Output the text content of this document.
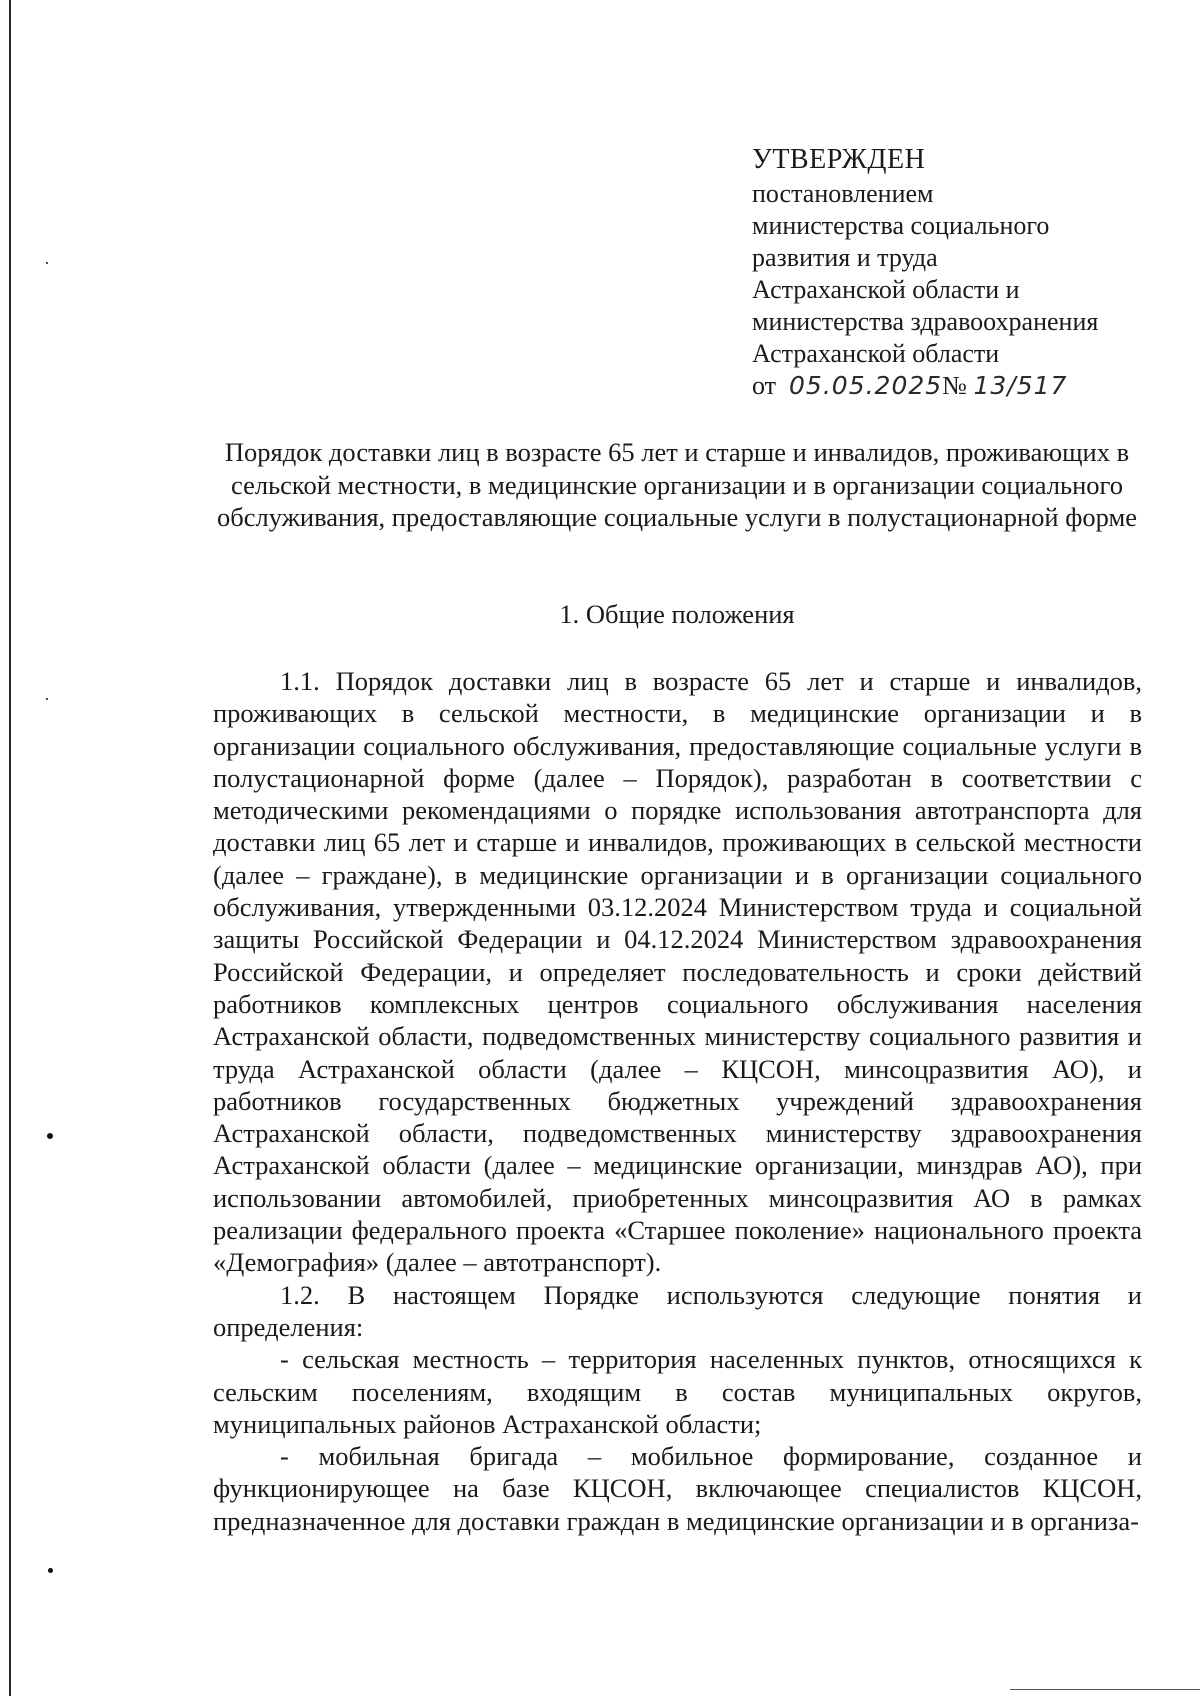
УТВЕРЖДЕН
постановлением
министерства социального
развития и труда
Астраханской области и
министерства здравоохранения
Астраханской области
от 05.05.2025№ 13/517
Порядок доставки лиц в возрасте 65 лет и старше и инвалидов, проживающих в сельской местности, в медицинские организации и в организации социального обслуживания, предоставляющие социальные услуги в полустационарной форме
1. Общие положения

1.1. Порядок доставки лиц в возрасте 65 лет и старше и инвалидов, проживающих в сельской местности, в медицинские организации и в организации социального обслуживания, предоставляющие социальные услуги в полустационарной форме (далее – Порядок), разработан в соответствии с методическими рекомендациями о порядке использования автотранспорта для доставки лиц 65 лет и старше и инвалидов, проживающих в сельской местности (далее – граждане), в медицинские организации и в организации социального обслуживания, утвержденными 03.12.2024 Министерством труда и социальной защиты Российской Федерации и 04.12.2024 Министерством здравоохранения Российской Федерации, и определяет последовательность и сроки действий работников комплексных центров социального обслуживания населения Астраханской области, подведомственных министерству социального развития и труда Астраханской области (далее – КЦСОН, минсоцразвития АО), и работников государственных бюджетных учреждений здравоохранения Астраханской области, подведомственных министерству здравоохранения Астраханской области (далее – медицинские организации, минздрав АО), при использовании автомобилей, приобретенных минсоцразвития АО в рамках реализации федерального проекта «Старшее поколение» национального проекта «Демография» (далее – автотранспорт).

1.2. В настоящем Порядке используются следующие понятия и определения:

- сельская местность – территория населенных пунктов, относящихся к сельским поселениям, входящим в состав муниципальных округов, муниципальных районов Астраханской области;

- мобильная бригада – мобильное формирование, созданное и функционирующее на базе КЦСОН, включающее специалистов КЦСОН, предназначенное для доставки граждан в медицинские организации и в организа-
